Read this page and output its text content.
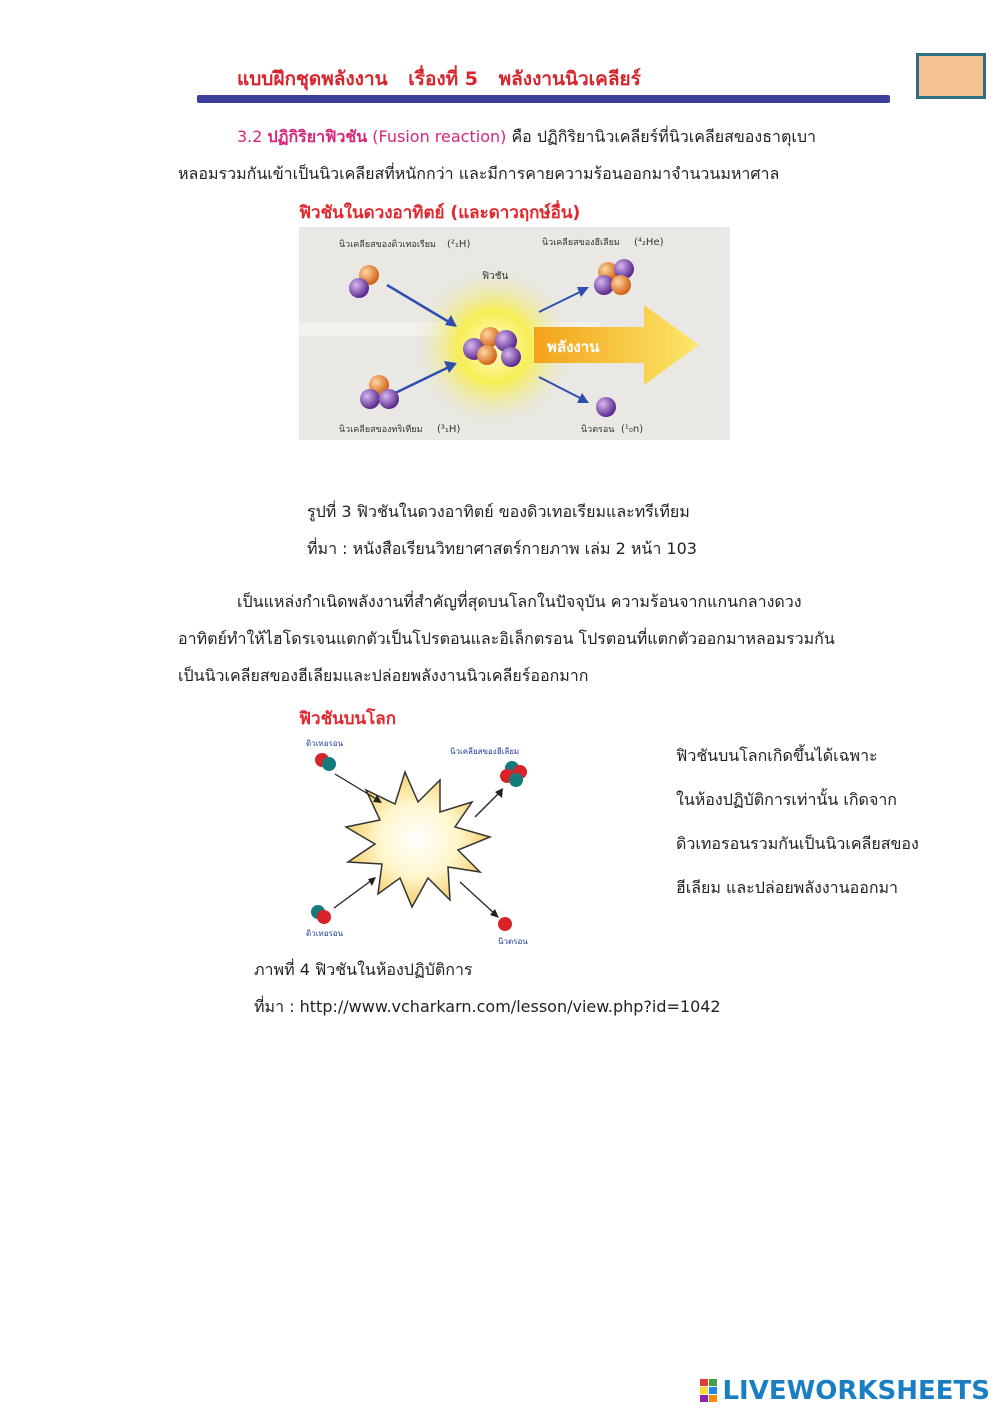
แบบฝึกชุดพลังงาน เรื่องที่ 5 พลังงานนิวเคลียร์
3.2 ปฏิกิริยาฟิวชัน (Fusion reaction) คือ ปฏิกิริยานิวเคลียร์ที่นิวเคลียสของธาตุเบา
หลอมรวมกันเข้าเป็นนิวเคลียสที่หนักกว่า และมีการคายความร้อนออกมาจำนวนมหาศาล
ฟิวชันในดวงอาทิตย์ (และดาวฤกษ์อื่น)
พลังงาน
นิวเคลียสของดิวเทอเรียม (²₁H)
ฟิวชัน
นิวเคลียสของฮีเลียม (⁴₂He)
นิวเคลียสของทริเทียม (³₁H)	นิวตรอน (¹₀n)
รูปที่ 3 ฟิวชันในดวงอาทิตย์ ของดิวเทอเรียมและทรีเทียม
ที่มา : หนังสือเรียนวิทยาศาสตร์กายภาพ เล่ม 2 หน้า 103
เป็นแหล่งกำเนิดพลังงานที่สำคัญที่สุดบนโลกในปัจจุบัน ความร้อนจากแกนกลางดวง
อาทิตย์ทำให้ไฮโดรเจนแตกตัวเป็นโปรตอนและอิเล็กตรอน โปรตอนที่แตกตัวออกมาหลอมรวมกัน
เป็นนิวเคลียสของฮีเลียมและปล่อยพลังงานนิวเคลียร์ออกมาก
ฟิวชันบนโลก
ดิวเทอรอน
นิวเคลียสของฮีเลียม
ดิวเทอรอน
นิวตรอน
ฟิวชันบนโลกเกิดขึ้นได้เฉพาะ
ในห้องปฏิบัติการเท่านั้น เกิดจาก
ดิวเทอรอนรวมกันเป็นนิวเคลียสของ
ฮีเลียม และปล่อยพลังงานออกมา
ภาพที่ 4 ฟิวชันในห้องปฏิบัติการ
ที่มา : http://www.vcharkarn.com/lesson/view.php?id=1042
LIVEWORKSHEETS
